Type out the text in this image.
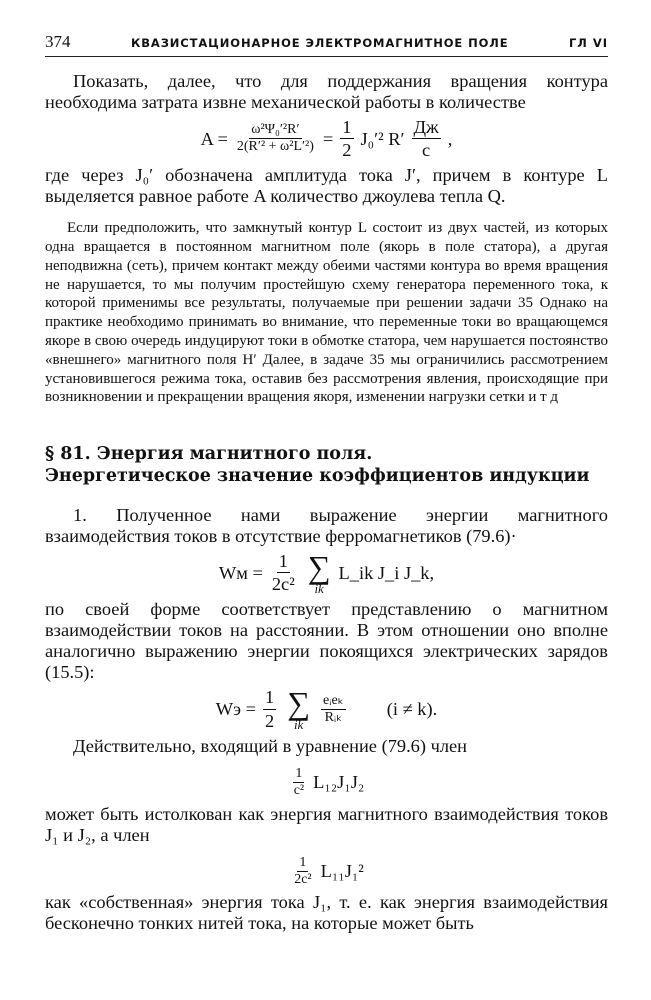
374	КВАЗИСТАЦИОНАРНОЕ ЭЛЕКТРОМАГНИТНОЕ ПОЛЕ	ГЛ VI

Показать, далее, что для поддержания вращения контура необходима затрата извне механической работы в количестве

$A = \frac{\text{ω²Ψ₀′²R′}}{\text{2(R′² + ω²L′²)}} = \frac{1}{2} J_0'^2$ $R' \frac{Дж}{с}$ ,

где через J₀′ обозначена амплитуда тока J′, причем в контуре L выделяется равное работе A количество джоулева тепла Q.

Если предположить, что замкнутый контур L состоит из двух частей, из которых одна вращается в постоянном магнитном поле (якорь в поле статора), а другая неподвижна (сеть), причем контакт между обеими частями контура во время вращения не нарушается, то мы получим простейшую схему генератора переменного тока, к которой применимы все результаты, получаемые при решении задачи 35 Однако на практике необходимо принимать во внимание, что переменные токи во вращающемся якоре в свою очередь индуцируют токи в обмотке статора, чем нарушается постоянство «внешнего» магнитного поля H′ Далее, в задаче 35 мы ограничились рассмотрением установившегося режима тока, оставив без рассмотрения явления, происходящие при возникновении и прекращении вращения якоря, изменении нагрузки сетки и т д

§ 81. Энергия магнитного поля.
Энергетическое значение коэффициентов индукции

1. Полученное нами выражение энергии магнитного взаимодействия токов в отсутствие ферромагнетиков (79.6)·

Wм = $\frac{1}{\text{2c²}}$ ∑
ik
L_ik J_i J_k,

по своей форме соответствует представлению о магнитном взаимодействии токов на расстоянии. В этом отношении оно вполне аналогично выражению энергии покоящихся электрических зарядов (15.5):

Wэ = $\frac{1}{2}$ ∑
ik $\frac{\text{eᵢeₖ}}{\text{Rᵢₖ}} (i \ne k)$.

Действительно, входящий в уравнение (79.6) член

$\frac{1}{\text{c²}} L_{12}J_1J_2$

может быть истолкован как энергия магнитного взаимодействия токов J₁ и J₂, а член

$\frac{1}{\text{2c²}} L_{11}J_1^2$

как «собственная» энергия тока J₁, т. е. как энергия взаимодействия бесконечно тонких нитей тока, на которые может быть
